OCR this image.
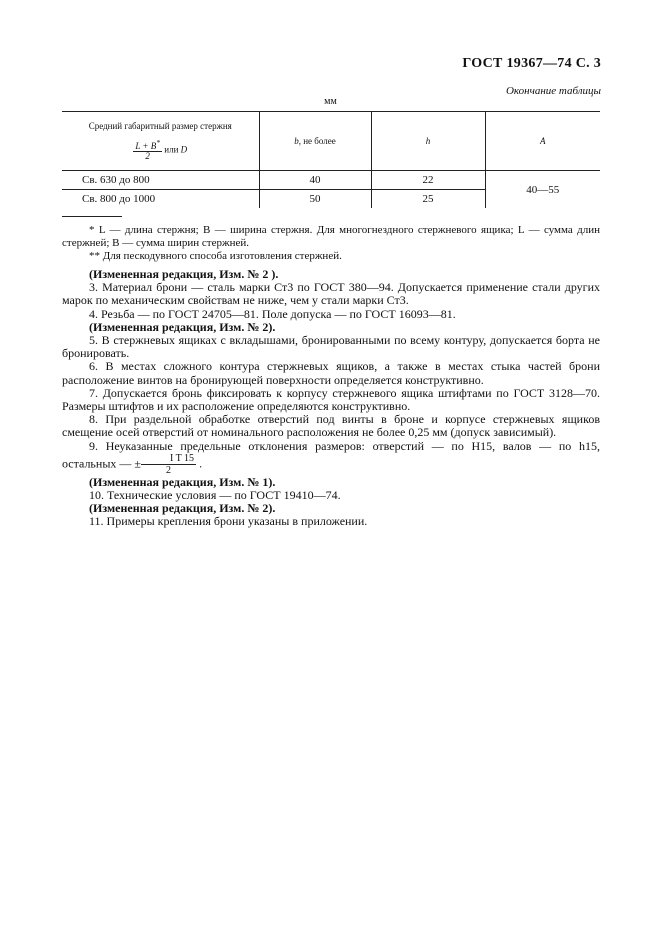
ГОСТ 19367—74 С. 3
Окончание таблицы
мм
Средний габаритный размер стержня
$\frac{L + B^*}{2}$ или D	b, не более	h	A
Св. 630 до 800	40	22	40—55
Св. 800 до 1000	50	25	

* L — длина стержня; B — ширина стержня. Для многогнездного стержневого ящика; L — сумма длин стержней; B — сумма ширин стержней.

** Для пескодувного способа изготовления стержней.

(Измененная редакция, Изм. № 2 ).

3. Материал брони — сталь марки Ст3 по ГОСТ 380—94. Допускается применение стали других марок по механическим свойствам не ниже, чем у стали марки Ст3.

4. Резьба — по ГОСТ 24705—81. Поле допуска — по ГОСТ 16093—81.

(Измененная редакция, Изм. № 2).

5. В стержневых ящиках с вкладышами, бронированными по всему контуру, допускается борта не бронировать.

6. В местах сложного контура стержневых ящиков, а также в местах стыка частей брони расположение винтов на бронирующей поверхности определяется конструктивно.

7. Допускается бронь фиксировать к корпусу стержневого ящика штифтами по ГОСТ 3128—70. Размеры штифтов и их расположение определяются конструктивно.

8. При раздельной обработке отверстий под винты в броне и корпусе стержневых ящиков смещение осей отверстий от номинального расположения не более 0,25 мм (допуск зависимый).

9. Неуказанные предельные отклонения размеров: отверстий — по Н15, валов — по h15, остальных — ± $\frac{\text{I T 15}}{2}$ .

(Измененная редакция, Изм. № 1).

10. Технические условия — по ГОСТ 19410—74.

(Измененная редакция, Изм. № 2).

11. Примеры крепления брони указаны в приложении.
